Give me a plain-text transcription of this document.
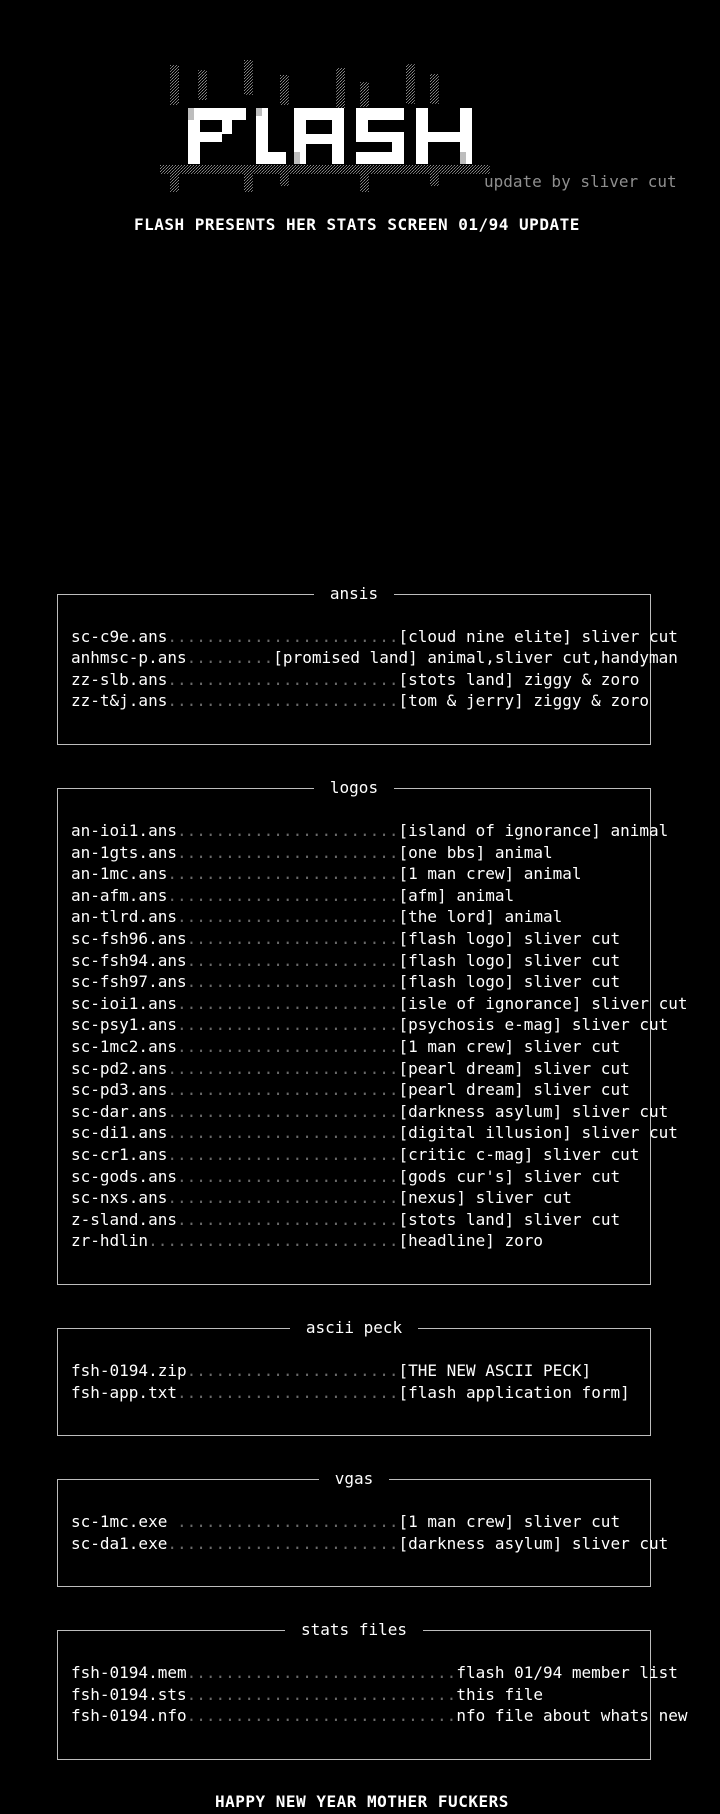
update by sliver cut
FLASH PRESENTS HER STATS SCREEN 01/94 UPDATE
ansis
sc-c9e.ans........................[cloud nine elite] sliver cut
anhmsc-p.ans.........[promised land] animal,sliver cut,handyman
zz-slb.ans........................[stots land] ziggy & zoro
zz-t&j.ans........................[tom & jerry] ziggy & zoro
logos
an-ioi1.ans.......................[island of ignorance] animal
an-1gts.ans.......................[one bbs] animal
an-1mc.ans........................[1 man crew] animal
an-afm.ans........................[afm] animal
an-tlrd.ans.......................[the lord] animal
sc-fsh96.ans......................[flash logo] sliver cut
sc-fsh94.ans......................[flash logo] sliver cut
sc-fsh97.ans......................[flash logo] sliver cut
sc-ioi1.ans.......................[isle of ignorance] sliver cut
sc-psy1.ans.......................[psychosis e-mag] sliver cut
sc-1mc2.ans.......................[1 man crew] sliver cut
sc-pd2.ans........................[pearl dream] sliver cut
sc-pd3.ans........................[pearl dream] sliver cut
sc-dar.ans........................[darkness asylum] sliver cut
sc-di1.ans........................[digital illusion] sliver cut
sc-cr1.ans........................[critic c-mag] sliver cut
sc-gods.ans.......................[gods cur's] sliver cut
sc-nxs.ans........................[nexus] sliver cut
z-sland.ans.......................[stots land] sliver cut
zr-hdlin..........................[headline] zoro
ascii peck
fsh-0194.zip......................[THE NEW ASCII PECK]
fsh-app.txt.......................[flash application form]
vgas
sc-1mc.exe .......................[1 man crew] sliver cut
sc-da1.exe........................[darkness asylum] sliver cut
stats files
fsh-0194.mem............................flash 01/94 member list
fsh-0194.sts............................this file
fsh-0194.nfo............................nfo file about whats new
HAPPY NEW YEAR MOTHER FUCKERS
